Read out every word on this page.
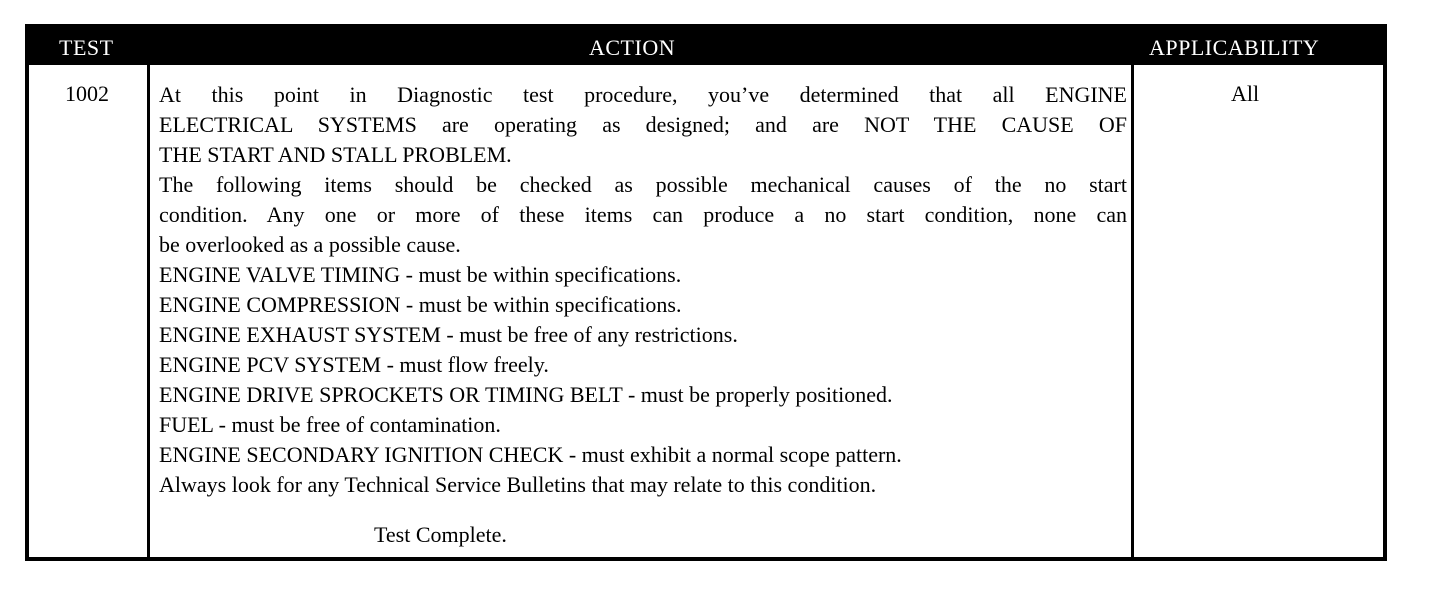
TEST	ACTION	APPLICABILITY
1002 At this point in Diagnostic test procedure, you’ve determined that all ENGINE
ELECTRICAL SYSTEMS are operating as designed; and are NOT THE CAUSE OF
THE START AND STALL PROBLEM.
The following items should be checked as possible mechanical causes of the no start
condition. Any one or more of these items can produce a no start condition, none can
be overlooked as a possible cause.
ENGINE VALVE TIMING - must be within specifications.
ENGINE COMPRESSION - must be within specifications.
ENGINE EXHAUST SYSTEM - must be free of any restrictions.
ENGINE PCV SYSTEM - must flow freely.
ENGINE DRIVE SPROCKETS OR TIMING BELT - must be properly positioned.
FUEL - must be free of contamination.
ENGINE SECONDARY IGNITION CHECK - must exhibit a normal scope pattern.
Always look for any Technical Service Bulletins that may relate to this condition.
Test Complete.
All
